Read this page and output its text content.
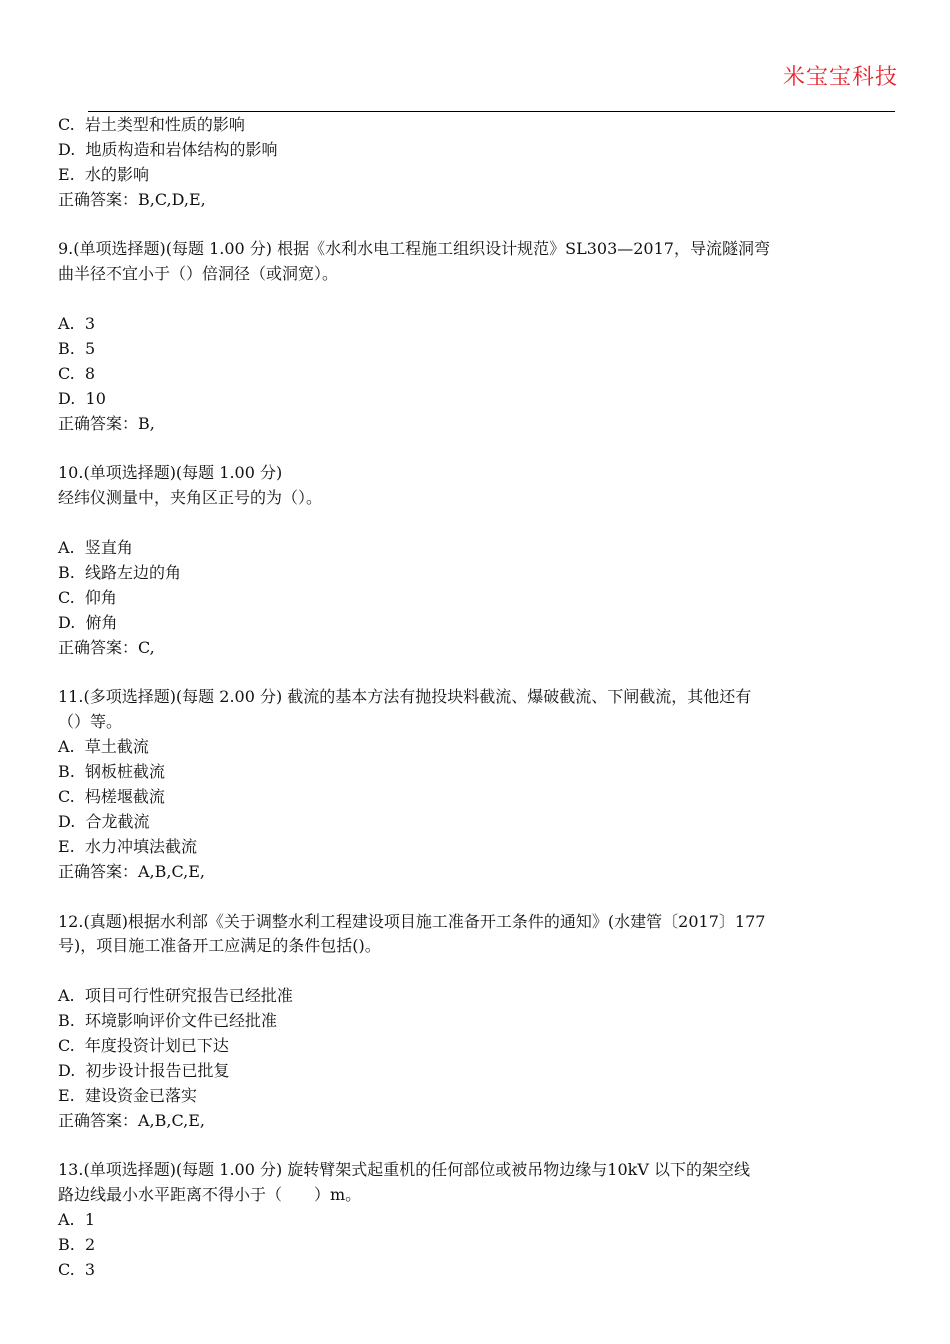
米宝宝科技
C.  岩土类型和性质的影响
D.  地质构造和岩体结构的影响
E.  水的影响
正确答案：B,C,D,E,
9.(单项选择题)(每题 1.00 分) 根据《水利水电工程施工组织设计规范》SL303—2017，导流隧洞弯
曲半径不宜小于（）倍洞径（或洞宽）。
A.  3
B.  5
C.  8
D.  10
正确答案：B,
10.(单项选择题)(每题 1.00 分)
经纬仪测量中，夹角区正号的为（）。
A.  竖直角
B.  线路左边的角
C.  仰角
D.  俯角
正确答案：C,
11.(多项选择题)(每题 2.00 分) 截流的基本方法有抛投块料截流、爆破截流、下闸截流，其他还有
（）等。
A.  草土截流
B.  钢板桩截流
C.  杩槎堰截流
D.  合龙截流
E.  水力冲填法截流
正确答案：A,B,C,E,
12.(真题)根据水利部《关于调整水利工程建设项目施工准备开工条件的通知》(水建管〔2017〕177
号)，项目施工准备开工应满足的条件包括()。
A.  项目可行性研究报告已经批准
B.  环境影响评价文件已经批准
C.  年度投资计划已下达
D.  初步设计报告已批复
E.  建设资金已落实
正确答案：A,B,C,E,
13.(单项选择题)(每题 1.00 分) 旋转臂架式起重机的任何部位或被吊物边缘与10kV 以下的架空线
路边线最小水平距离不得小于（　　）m。
A.  1
B.  2
C.  3
